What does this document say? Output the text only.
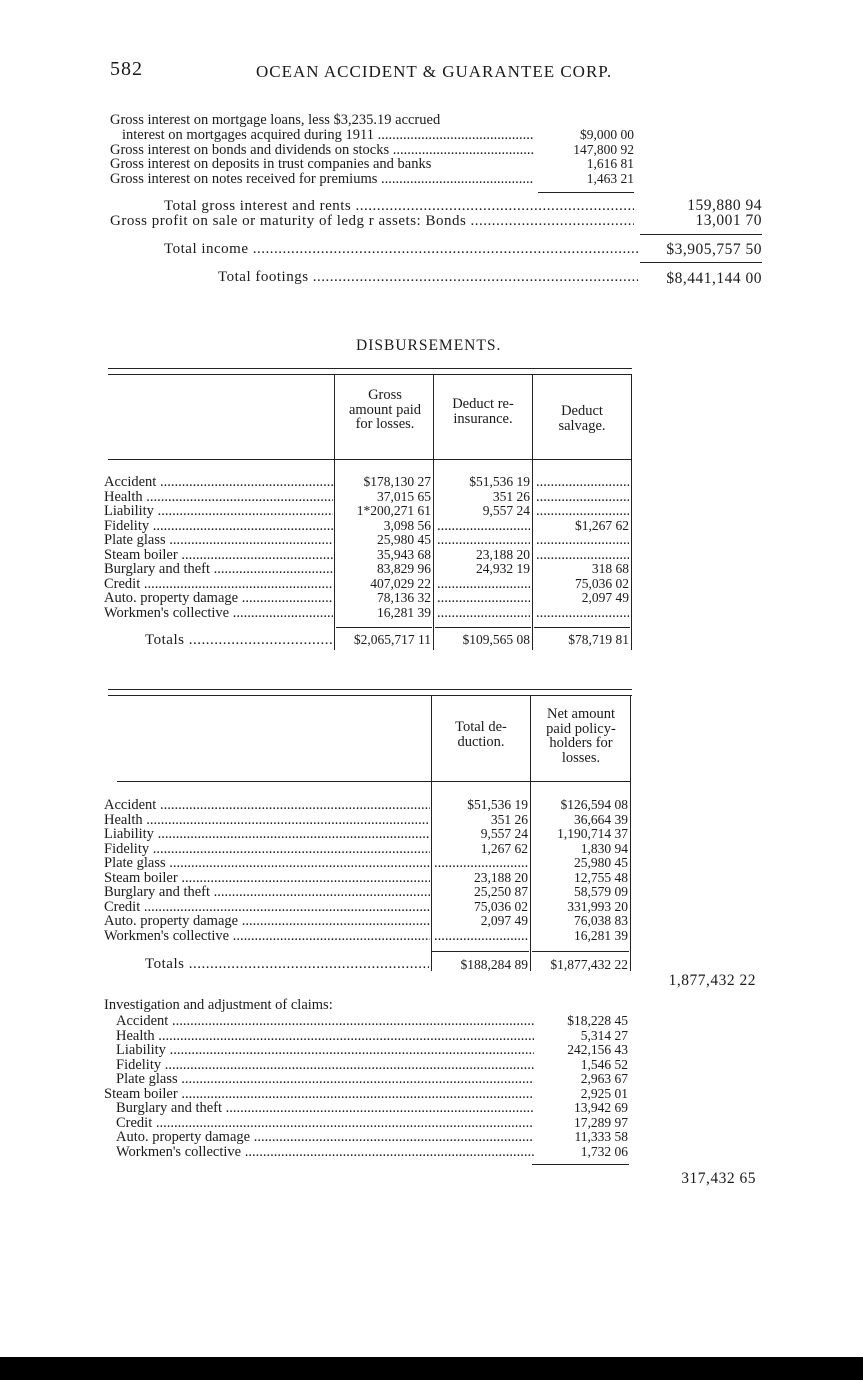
582	OCEAN ACCIDENT & GUARANTEE CORP.
Gross interest on mortgage loans, less $3,235.19 accrued
interest on mortgages acquired during 1911 .....	$9,000 00
Gross interest on bonds and dividends on stocks .....	147,800 92
Gross interest on deposits in trust companies and banks	1,616 81
Gross interest on notes received for premiums .....	1,463 21
Total gross interest and rents .....	159,880 94
Gross profit on sale or maturity of ledg r assets: Bonds .....	13,001 70
Total income .....	$3,905,757 50
Total footings .....	$8,441,144 00
DISBURSEMENTS.
Gross amount paid for losses.
Deduct re-insurance.	Deduct salvage.
Accident .....	$178,130 27	$51,536 19
.....
Health .....	37,015 65	351 26
.....
Liability .....	1*200,271 61	9,557 24
.....
Fidelity .....	3,098 56 .....	$1,267 62
Plate glass .....	25,980 45
.....
.....
Steam boiler .....	35,943 68	23,188 20
.....
Burglary and theft .....	83,829 96	24,932 19	318 68
Credit .....	407,029 22 .....	75,036 02
Auto. property damage .....	78,136 32 .....	2,097 49
Workmen's collective .....	16,281 39
.....
.....
Totals .....	$2,065,717 11	$109,565 08	$78,719 81
Total de-duction.
Net amount paid policy-holders for losses.
Accident .....	$51,536 19	$126,594 08
Health .....	351 26	36,664 39
Liability .....	9,557 24	1,190,714 37
Fidelity .....	1,267 62	1,830 94
Plate glass ..... .....	25,980 45
Steam boiler .....	23,188 20	12,755 48
Burglary and theft .....	25,250 87	58,579 09
Credit .....	75,036 02	331,993 20
Auto. property damage .....	2,097 49	76,038 83
Workmen's collective ..... .....	16,281 39
Totals .....	$188,284 89	$1,877,432 22
1,877,432 22
Investigation and adjustment of claims:
Accident .....	$18,228 45
Health .....	5,314 27
Liability .....	242,156 43
Fidelity .....	1,546 52
Plate glass .....	2,963 67
Steam boiler .....	2,925 01
Burglary and theft .....	13,942 69
Credit .....	17,289 97
Auto. property damage .....	11,333 58
Workmen's collective .....	1,732 06
317,432 65
